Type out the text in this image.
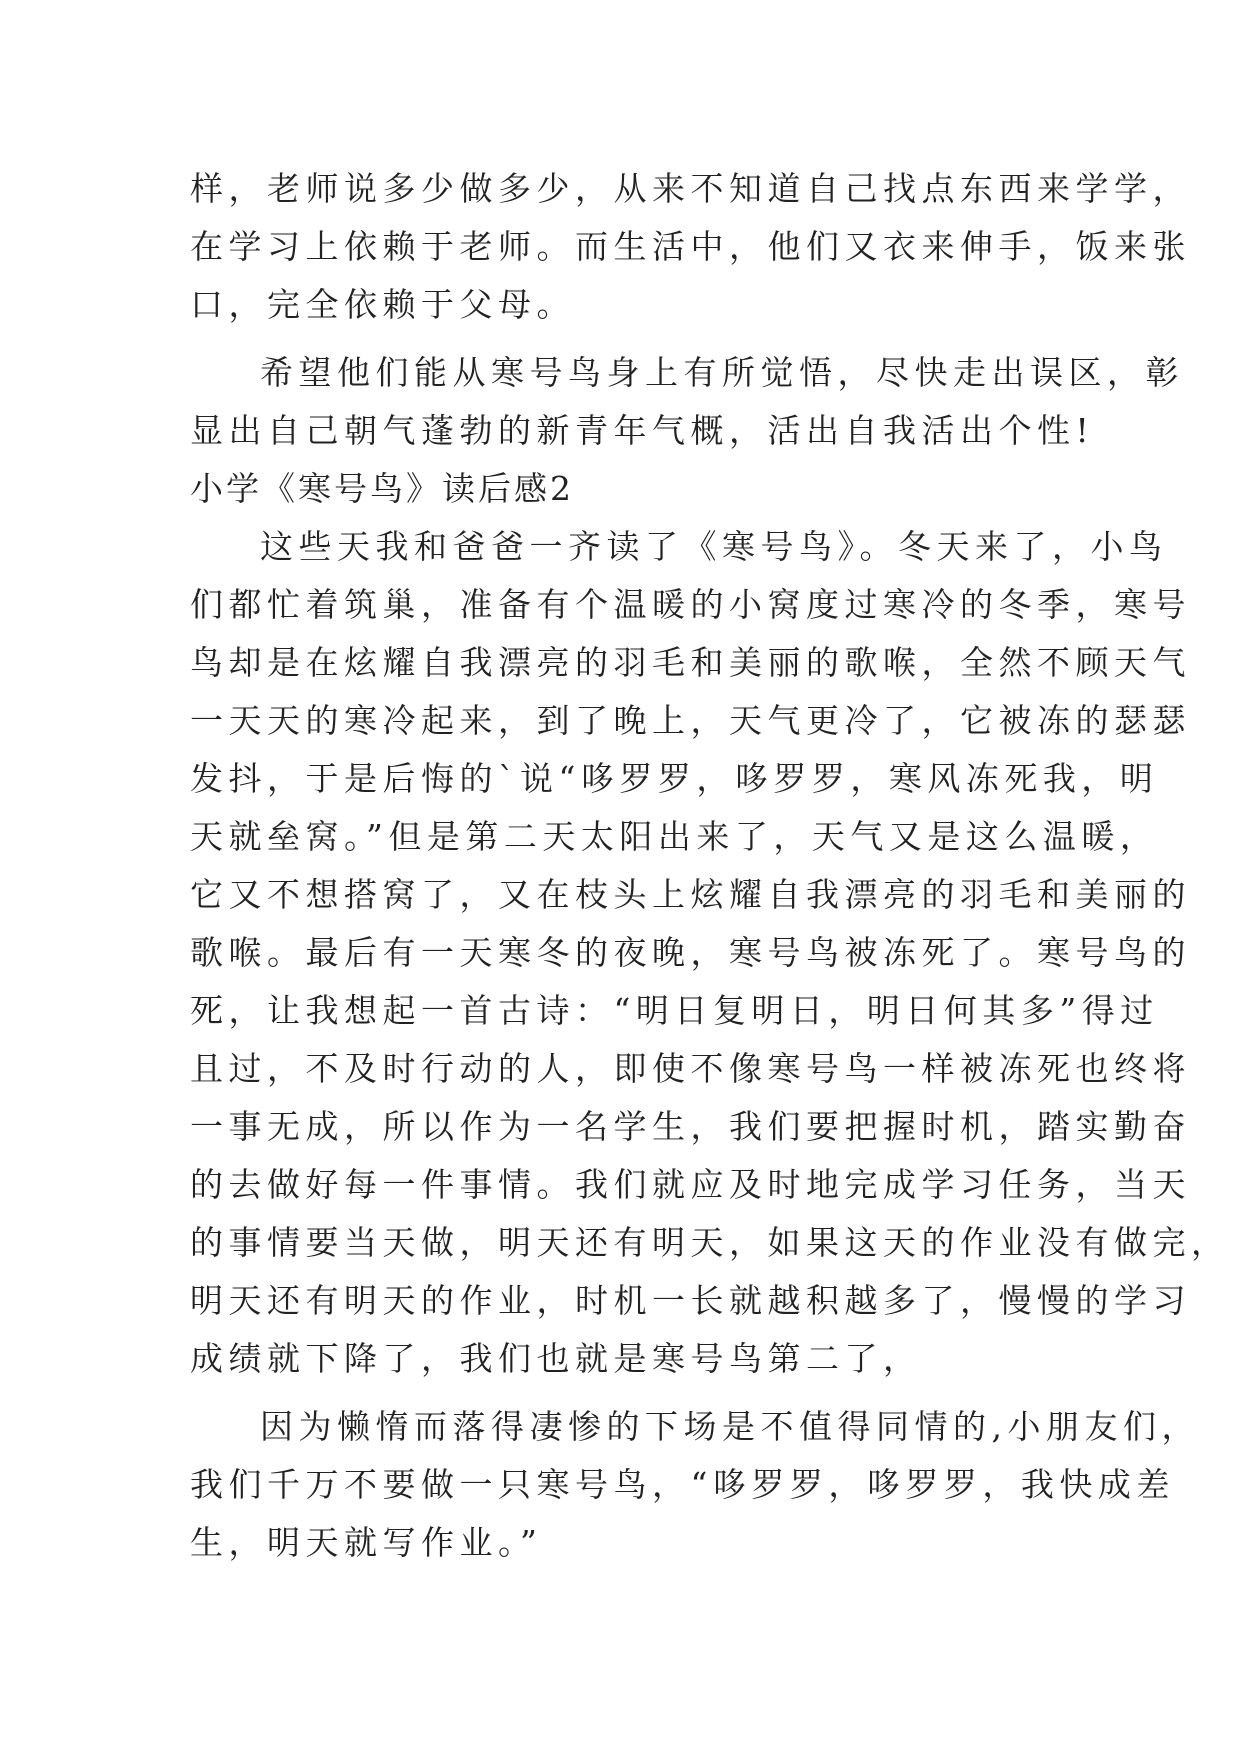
样，老师说多少做多少，从来不知道自己找点东西来学学，
在学习上依赖于老师。而生活中，他们又衣来伸手，饭来张
口，完全依赖于父母。
希望他们能从寒号鸟身上有所觉悟，尽快走出误区，彰
显出自己朝气蓬勃的新青年气概，活出自我活出个性!
小学《寒号鸟》读后感2
这些天我和爸爸一齐读了《寒号鸟》。冬天来了，小鸟
们都忙着筑巢，准备有个温暖的小窝度过寒冷的冬季，寒号
鸟却是在炫耀自我漂亮的羽毛和美丽的歌喉，全然不顾天气
一天天的寒冷起来，到了晚上，天气更冷了，它被冻的瑟瑟
发抖，于是后悔的`说“哆罗罗，哆罗罗，寒风冻死我，明
天就垒窝。”但是第二天太阳出来了，天气又是这么温暖，
它又不想搭窝了，又在枝头上炫耀自我漂亮的羽毛和美丽的
歌喉。最后有一天寒冬的夜晚，寒号鸟被冻死了。寒号鸟的
死，让我想起一首古诗：“明日复明日，明日何其多”得过
且过，不及时行动的人，即使不像寒号鸟一样被冻死也终将
一事无成，所以作为一名学生，我们要把握时机，踏实勤奋
的去做好每一件事情。我们就应及时地完成学习任务，当天
的事情要当天做，明天还有明天，如果这天的作业没有做完，
明天还有明天的作业，时机一长就越积越多了，慢慢的学习
成绩就下降了，我们也就是寒号鸟第二了，
因为懒惰而落得凄惨的下场是不值得同情的,小朋友们，
我们千万不要做一只寒号鸟，“哆罗罗，哆罗罗，我快成差
生，明天就写作业。”
